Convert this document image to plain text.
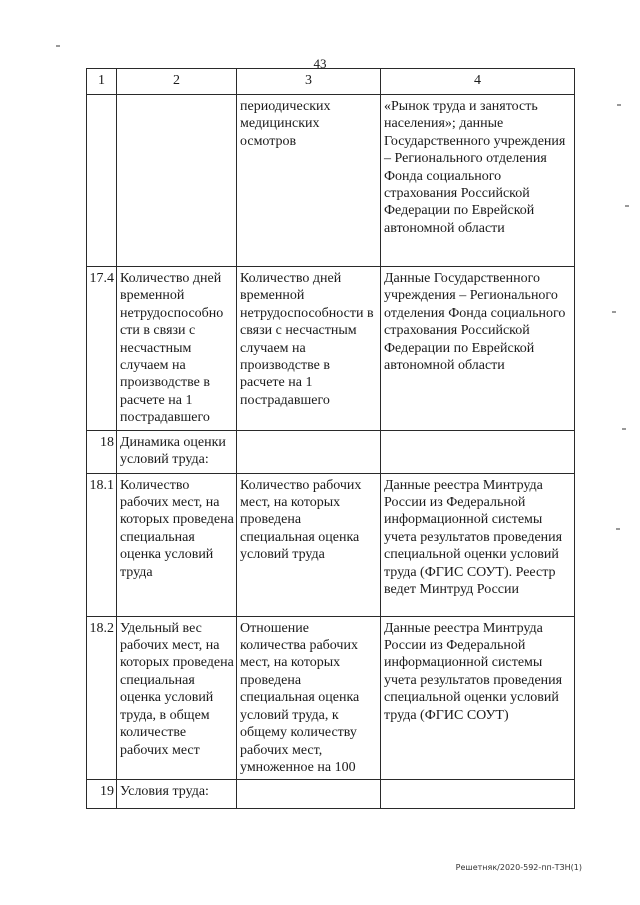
43
1	2	3	4
		периодических медицинских осмотров	«Рынок труда и занятость населения»; данные Государственного учреждения – Регионального отделения Фонда социального страхования Российской Федерации по Еврейской автономной области
17.4	Количество дней временной нетрудоспособно сти в связи с несчастным случаем на производстве в расчете на 1 пострадавшего	Количество дней временной нетрудоспособности в связи с несчастным случаем на производстве в расчете на 1 пострадавшего	Данные Государственного учреждения – Регионального отделения Фонда социального страхования Российской Федерации по Еврейской автономной области
18	Динамика оценки условий труда:		
18.1	Количество рабочих мест, на которых проведена специальная оценка условий труда	Количество рабочих мест, на которых проведена специальная оценка условий труда	Данные реестра Минтруда России из Федеральной информационной системы учета результатов проведения специальной оценки условий труда (ФГИС СОУТ). Реестр ведет Минтруд России
18.2	Удельный вес рабочих мест, на которых проведена специальная оценка условий труда, в общем количестве рабочих мест	Отношение количества рабочих мест, на которых проведена специальная оценка условий труда, к общему количеству рабочих мест, умноженное на 100	Данные реестра Минтруда России из Федеральной информационной системы учета результатов проведения специальной оценки условий труда (ФГИС СОУТ)
19	Условия труда:		
Решетняк/2020-592-пп-ТЗН(1)
